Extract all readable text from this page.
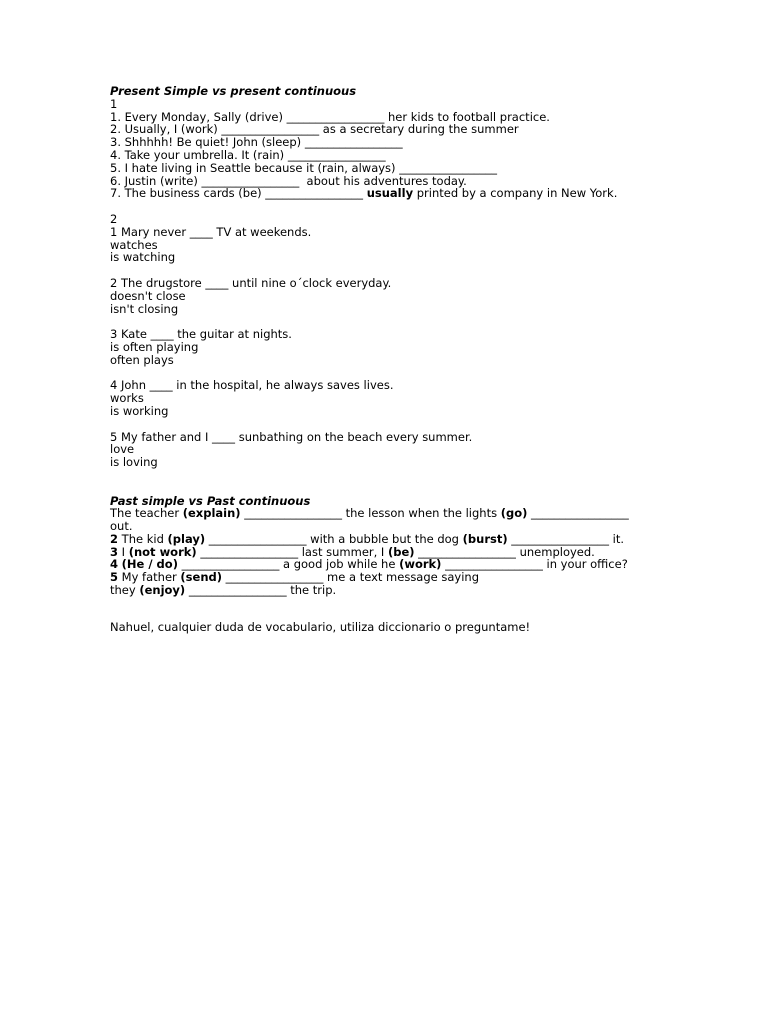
Present Simple vs present continuous
1
1. Every Monday, Sally (drive) _________________ her kids to football practice.
2. Usually, I (work) _________________ as a secretary during the summer
3. Shhhhh! Be quiet! John (sleep) _________________
4. Take your umbrella. It (rain) _________________
5. I hate living in Seattle because it (rain, always) _________________
6. Justin (write) _________________  about his adventures today.
7. The business cards (be) _________________ usually printed by a company in New York.
2
1 Mary never ____ TV at weekends.
watches
is watching
2 The drugstore ____ until nine o´clock everyday.
doesn't close
isn't closing
3 Kate ____ the guitar at nights.
is often playing
often plays
4 John ____ in the hospital, he always saves lives.
works
is working
5 My father and I ____ sunbathing on the beach every summer.
love
is loving
Past simple vs Past continuous
The teacher (explain) _________________ the lesson when the lights (go) _________________
out.
2 The kid (play) _________________ with a bubble but the dog (burst) _________________ it.
3 I (not work) _________________ last summer, I (be) _________________ unemployed.
4 (He / do) _________________ a good job while he (work) _________________ in your office?
5 My father (send) _________________ me a text message saying
they (enjoy) _________________ the trip.
Nahuel, cualquier duda de vocabulario, utiliza diccionario o preguntame!
